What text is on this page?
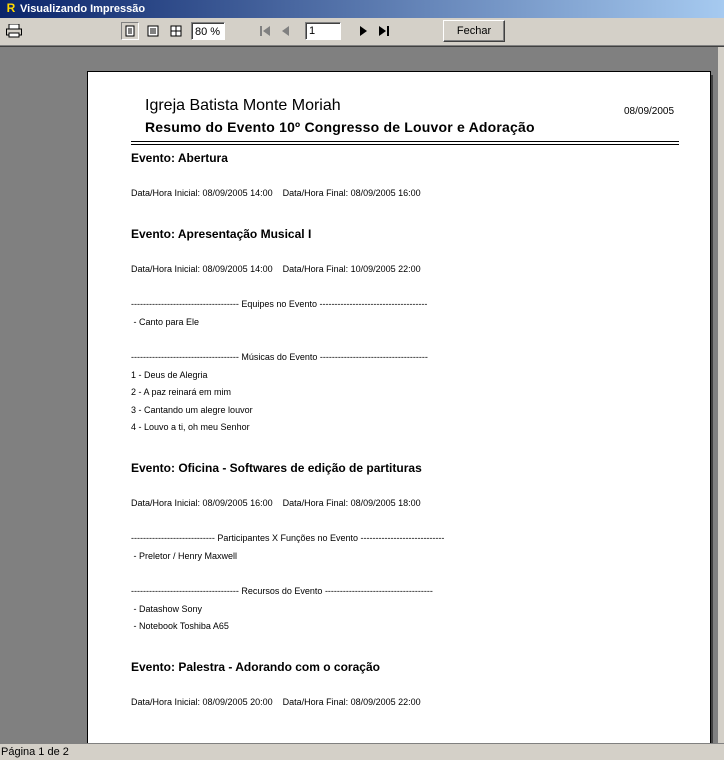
R Visualizando Impressão
80 %	1	Fechar
Igreja Batista Monte Moriah
Resumo do Evento 10º Congresso de Louvor e Adoração
08/09/2005
Evento: Abertura
Data/Hora Inicial: 08/09/2005 14:00    Data/Hora Final: 08/09/2005 16:00
Evento: Apresentação Musical I
Data/Hora Inicial: 08/09/2005 14:00    Data/Hora Final: 10/09/2005 22:00
------------------------------------ Equipes no Evento ------------------------------------
- Canto para Ele
------------------------------------ Músicas do Evento ------------------------------------
1 - Deus de Alegria
2 - A paz reinará em mim
3 - Cantando um alegre louvor
4 - Louvo a ti, oh meu Senhor
Evento: Oficina - Softwares de edição de partituras
Data/Hora Inicial: 08/09/2005 16:00    Data/Hora Final: 08/09/2005 18:00
---------------------------- Participantes X Funções no Evento ----------------------------
- Preletor / Henry Maxwell
------------------------------------ Recursos do Evento ------------------------------------
- Datashow Sony
- Notebook Toshiba A65
Evento: Palestra - Adorando com o coração
Data/Hora Inicial: 08/09/2005 20:00    Data/Hora Final: 08/09/2005 22:00
Página 1 de 2
